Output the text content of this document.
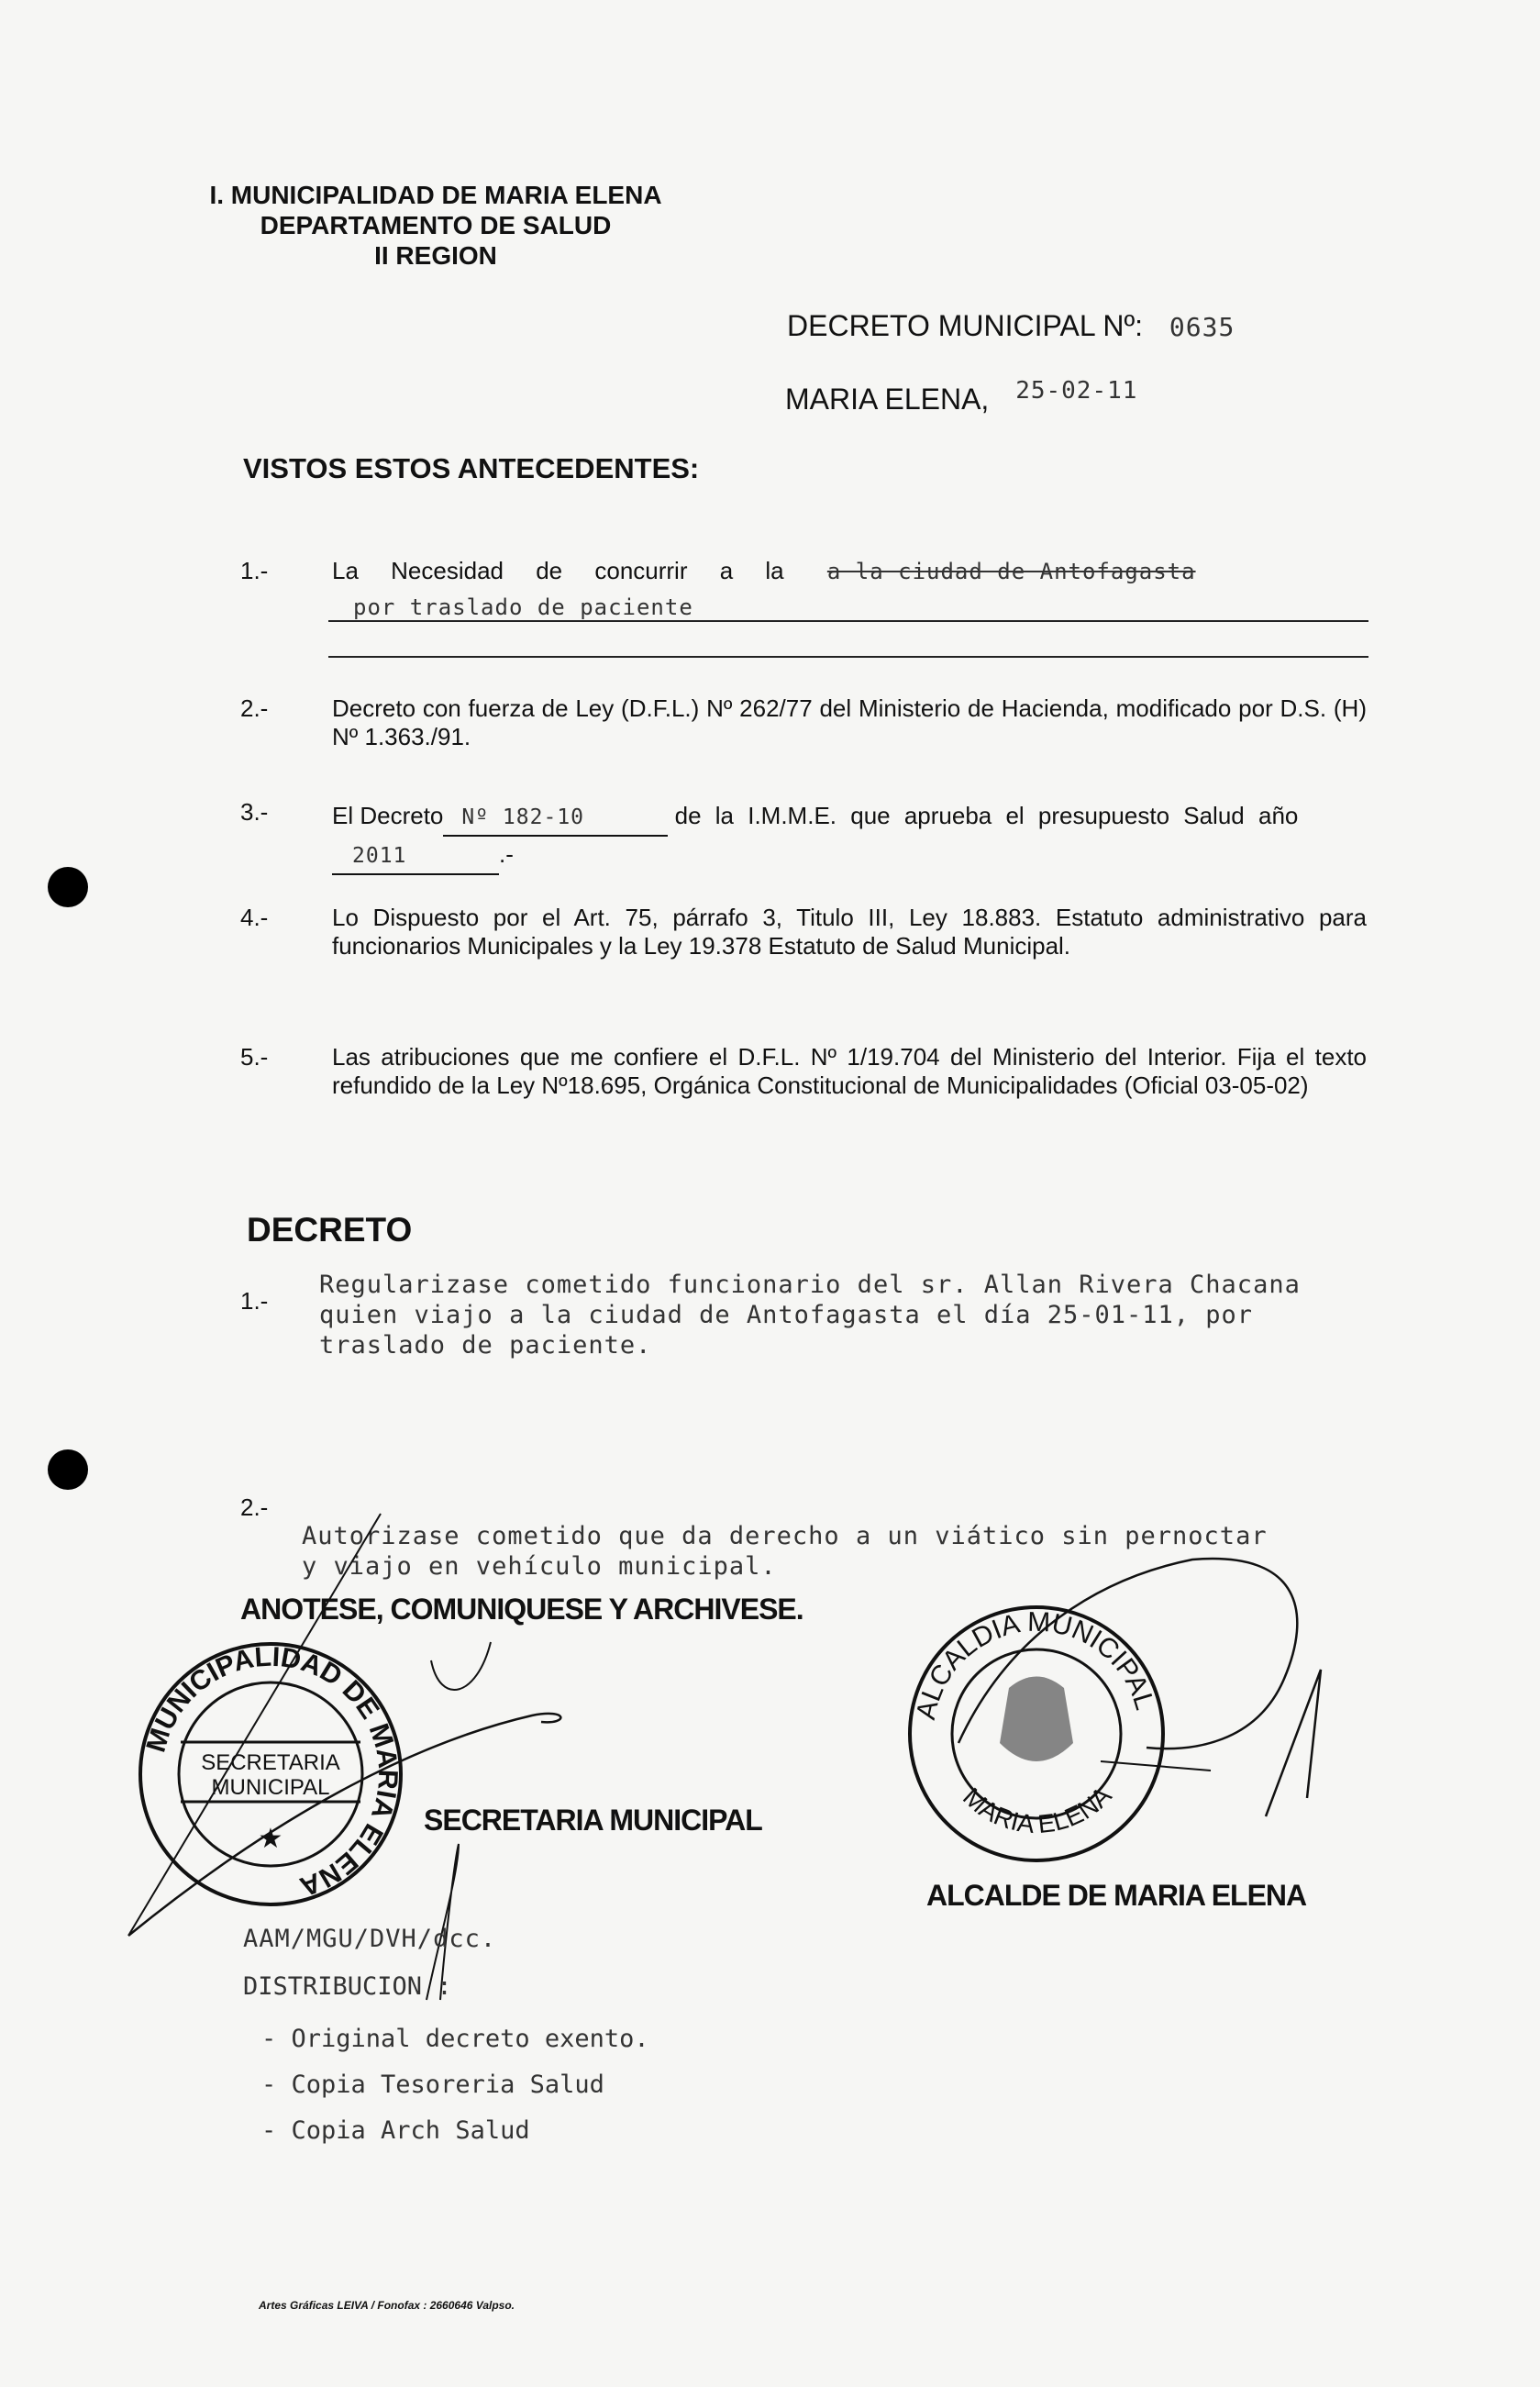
I. MUNICIPALIDAD DE MARIA ELENA
DEPARTAMENTO DE SALUD
II REGION
DECRETO MUNICIPAL Nº: 0635
MARIA ELENA, $^{25-02-11}$
VISTOS ESTOS ANTECEDENTES:
1.-	La Necesidad de concurrir a la a la ciudad de Antofagasta
por traslado de paciente
2.-	Decreto con fuerza de Ley (D.F.L.) Nº 262/77 del Ministerio de Hacienda, modificado por D.S. (H) Nº 1.363./91.
3.-	El Decreto Nº 182-10	de la I.M.M.E. que aprueba el presupuesto Salud año
2011	.-
4.-	Lo Dispuesto por el Art. 75, párrafo 3, Titulo III, Ley 18.883. Estatuto administrativo para funcionarios Municipales y la Ley 19.378 Estatuto de Salud Municipal.
5.-	Las atribuciones que me confiere el D.F.L. Nº 1/19.704 del Ministerio del Interior. Fija el texto refundido de la Ley Nº18.695, Orgánica Constitucional de Municipalidades (Oficial 03-05-02)
DECRETO
1.-
Regularizase cometido funcionario del sr. Allan Rivera Chacana
quien viajo a la ciudad de Antofagasta el día 25-01-11, por
traslado de paciente.
2.-
Autorizase cometido que da derecho a un viático sin pernoctar
y viajo en vehículo municipal.
ANOTESE, COMUNIQUESE Y ARCHIVESE.
MUNICIPALIDAD DE MARIA ELENA
SECRETARIA
MUNICIPAL
★
ALCALDIA MUNICIPAL
MARIA ELENA
SECRETARIA MUNICIPAL
ALCALDE DE MARIA ELENA
AAM/MGU/DVH/dcc.
DISTRIBUCION :
- Original decreto exento.
- Copia Tesoreria Salud
- Copia Arch Salud
Artes Gráficas LEIVA / Fonofax : 2660646 Valpso.
